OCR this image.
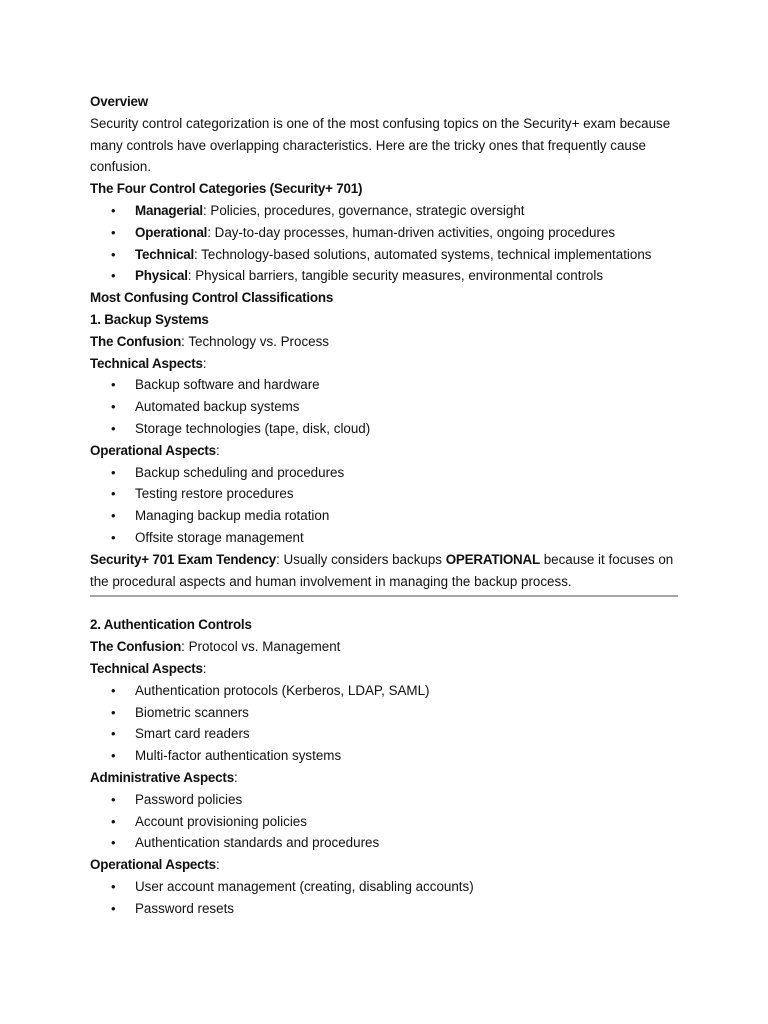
Overview
Security control categorization is one of the most confusing topics on the Security+ exam because many controls have overlapping characteristics. Here are the tricky ones that frequently cause confusion.
The Four Control Categories (Security+ 701)
• Managerial: Policies, procedures, governance, strategic oversight
• Operational: Day-to-day processes, human-driven activities, ongoing procedures
• Technical: Technology-based solutions, automated systems, technical implementations
• Physical: Physical barriers, tangible security measures, environmental controls
Most Confusing Control Classifications
1. Backup Systems
The Confusion: Technology vs. Process
Technical Aspects:
• Backup software and hardware
• Automated backup systems
• Storage technologies (tape, disk, cloud)
Operational Aspects:
• Backup scheduling and procedures
• Testing restore procedures
• Managing backup media rotation
• Offsite storage management
Security+ 701 Exam Tendency: Usually considers backups OPERATIONAL because it focuses on the procedural aspects and human involvement in managing the backup process.
2. Authentication Controls
The Confusion: Protocol vs. Management
Technical Aspects:
• Authentication protocols (Kerberos, LDAP, SAML)
• Biometric scanners
• Smart card readers
• Multi-factor authentication systems
Administrative Aspects:
• Password policies
• Account provisioning policies
• Authentication standards and procedures
Operational Aspects:
• User account management (creating, disabling accounts)
• Password resets
